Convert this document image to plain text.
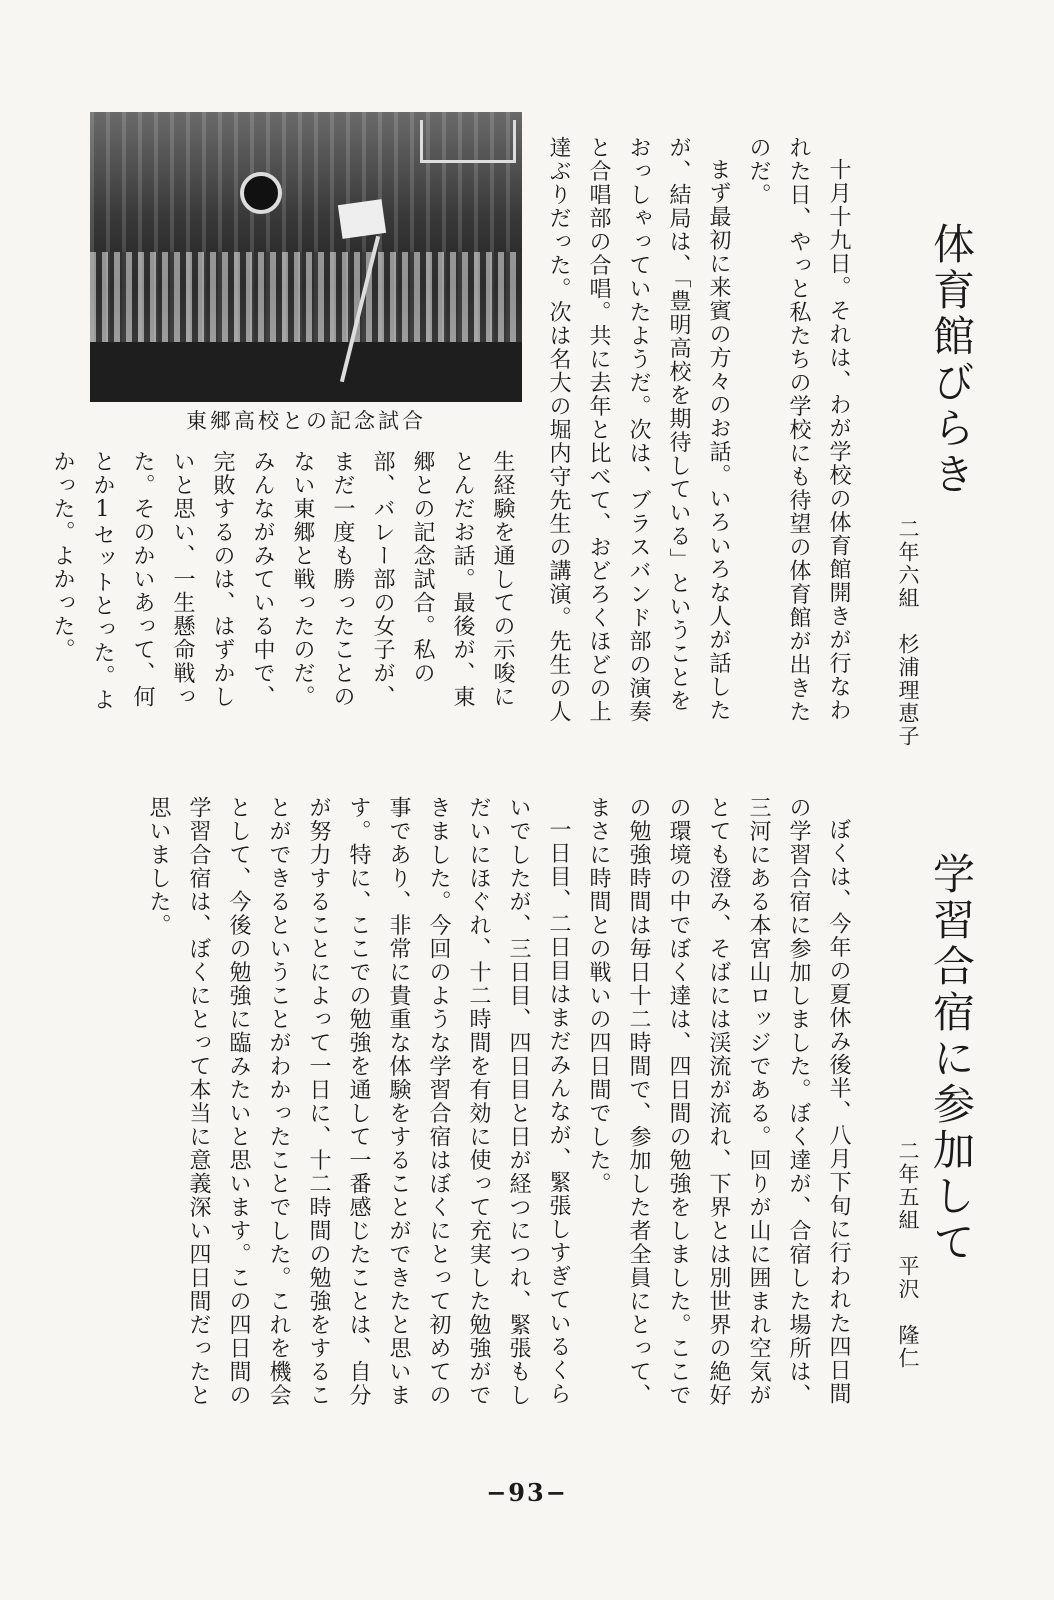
体育館びらき
二年六組　杉浦理恵子

十月十九日。それは、わが学校の体育館開きが行なわれた日、やっと私たちの学校にも待望の体育館が出きたのだ。

まず最初に来賓の方々のお話。いろいろな人が話したが、結局は、「豊明高校を期待している」ということをおっしゃっていたようだ。次は、ブラスバンド部の演奏と合唱部の合唱。共に去年と比べて、おどろくほどの上達ぶりだった。次は名大の堀内守先生の講演。先生の人

東郷高校との記念試合

生経験を通しての示唆にとんだお話。最後が、東郷との記念試合。私の部、バレー部の女子が、まだ一度も勝ったことのない東郷と戦ったのだ。みんながみている中で、完敗するのは、はずかしいと思い、一生懸命戦った。そのかいあって、何とか1セットとった。よかった。よかった。

学習合宿に参加して
二年五組　平沢　隆仁

ぼくは、今年の夏休み後半、八月下旬に行われた四日間の学習合宿に参加しました。ぼく達が、合宿した場所は、三河にある本宮山ロッジである。回りが山に囲まれ空気がとても澄み、そばには渓流が流れ、下界とは別世界の絶好の環境の中でぼく達は、四日間の勉強をしました。ここでの勉強時間は毎日十二時間で、参加した者全員にとって、まさに時間との戦いの四日間でした。

一日目、二日目はまだみんなが、緊張しすぎているくらいでしたが、三日目、四日目と日が経つにつれ、緊張もしだいにほぐれ、十二時間を有効に使って充実した勉強ができました。今回のような学習合宿はぼくにとって初めての事であり、非常に貴重な体験をすることができたと思います。特に、ここでの勉強を通して一番感じたことは、自分が努力することによって一日に、十二時間の勉強をすることができるということがわかったことでした。これを機会として、今後の勉強に臨みたいと思います。この四日間の学習合宿は、ぼくにとって本当に意義深い四日間だったと思いました。

−93−
